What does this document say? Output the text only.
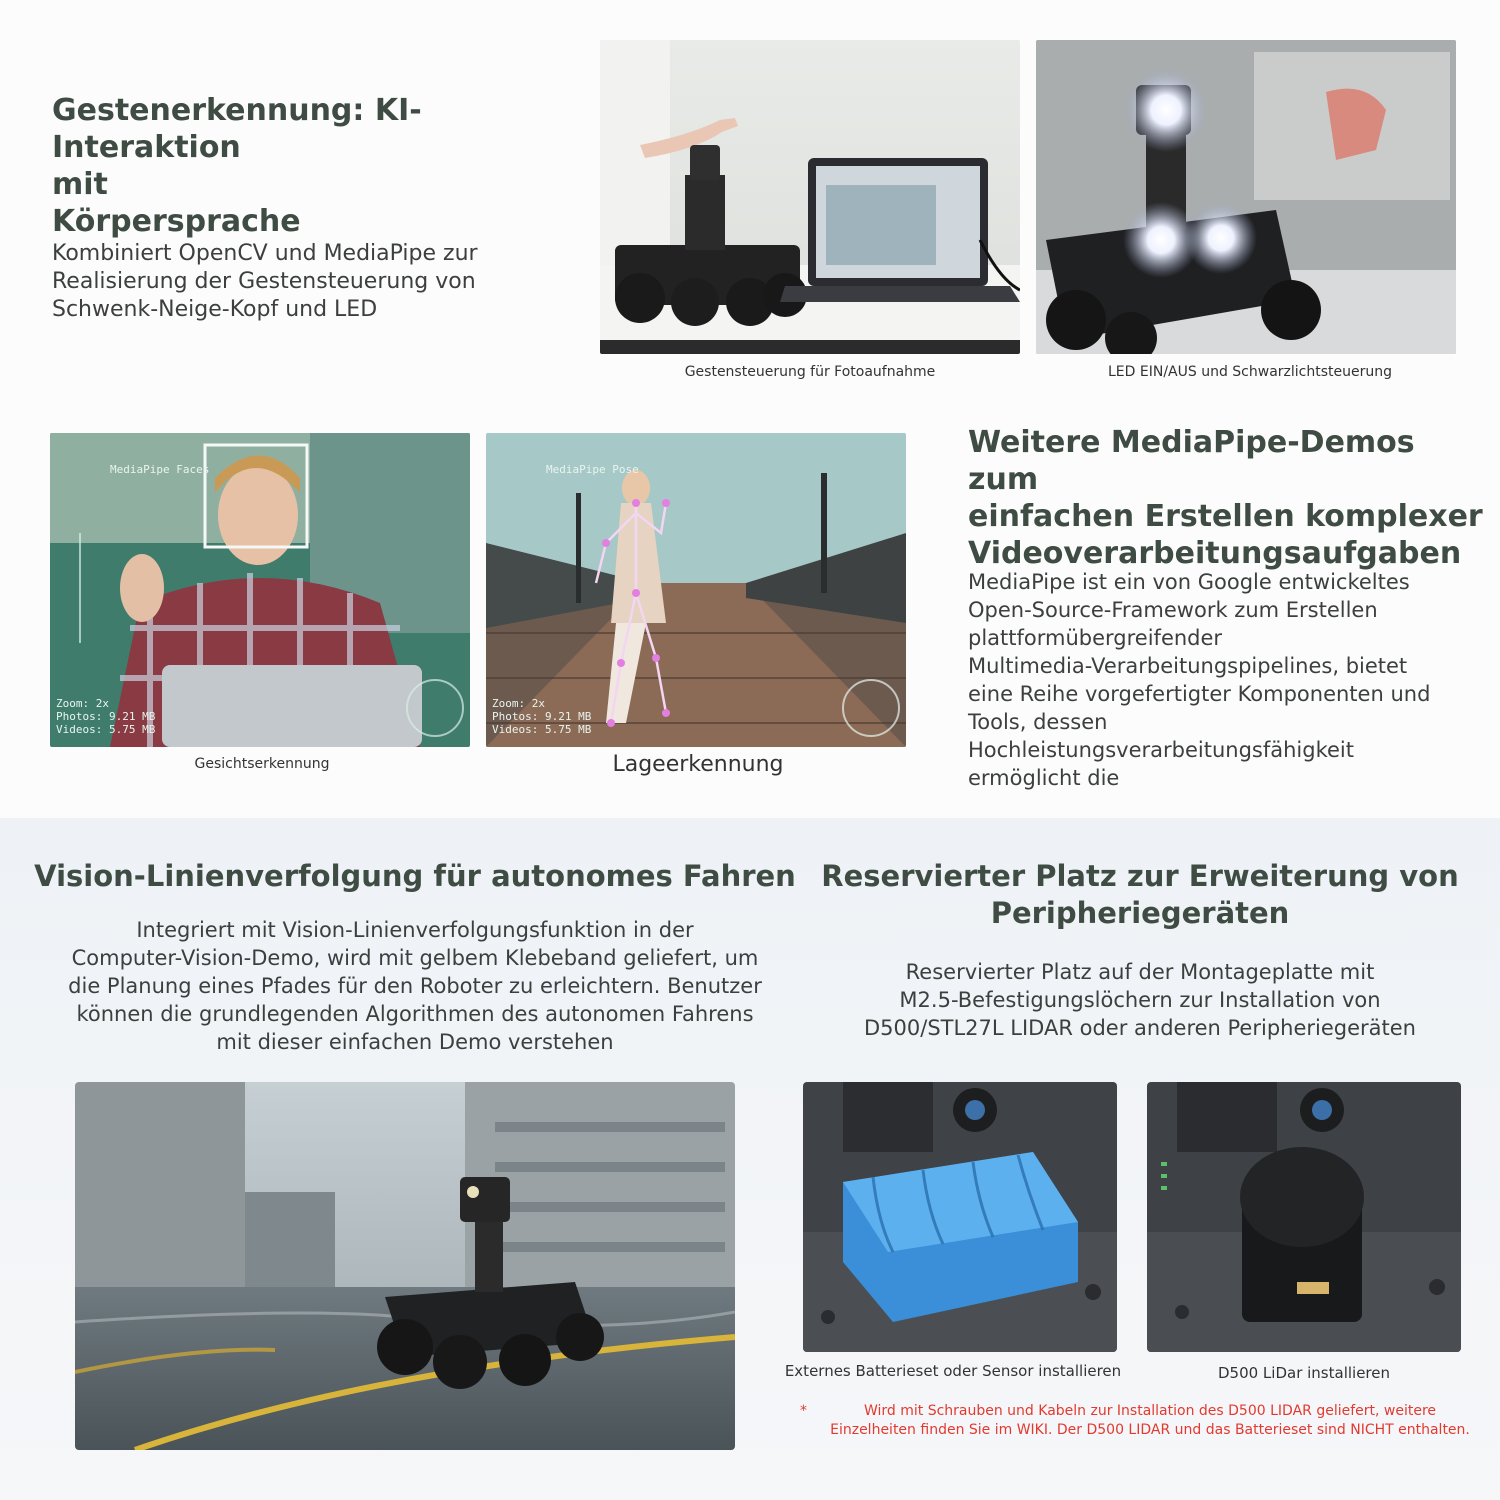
Gestenerkennung: KI-Interaktion
mit
Körpersprache
Kombiniert OpenCV und MediaPipe zur
Realisierung der Gestensteuerung von
Schwenk-Neige-Kopf und LED
Gestensteuerung für Fotoaufnahme	LED EIN/AUS und Schwarzlichtsteuerung
MediaPipe Faces
Zoom: 2x
Photos: 9.21 MB
Videos: 5.75 MB
Gesichtserkennung
MediaPipe Pose
Zoom: 2x
Photos: 9.21 MB
Videos: 5.75 MB
Lageerkennung
Weitere MediaPipe-Demos zum
einfachen Erstellen komplexer
Videoverarbeitungsaufgaben
MediaPipe ist ein von Google entwickeltes
Open-Source-Framework zum Erstellen
plattformübergreifender
Multimedia-Verarbeitungspipelines, bietet
eine Reihe vorgefertigter Komponenten und
Tools, dessen
Hochleistungsverarbeitungsfähigkeit
ermöglicht die
Vision-Linienverfolgung für autonomes Fahren
Integriert mit Vision-Linienverfolgungsfunktion in der
Computer-Vision-Demo, wird mit gelbem Klebeband geliefert, um
die Planung eines Pfades für den Roboter zu erleichtern. Benutzer
können die grundlegenden Algorithmen des autonomen Fahrens
mit dieser einfachen Demo verstehen
Reservierter Platz zur Erweiterung von
Peripheriegeräten
Reservierter Platz auf der Montageplatte mit
M2.5-Befestigungslöchern zur Installation von
D500/STL27L LIDAR oder anderen Peripheriegeräten
Externes Batterieset oder Sensor installieren	D500 LiDar installieren
*	Wird mit Schrauben und Kabeln zur Installation des D500 LIDAR geliefert, weitere
Einzelheiten finden Sie im WIKI. Der D500 LIDAR und das Batterieset sind NICHT enthalten.
